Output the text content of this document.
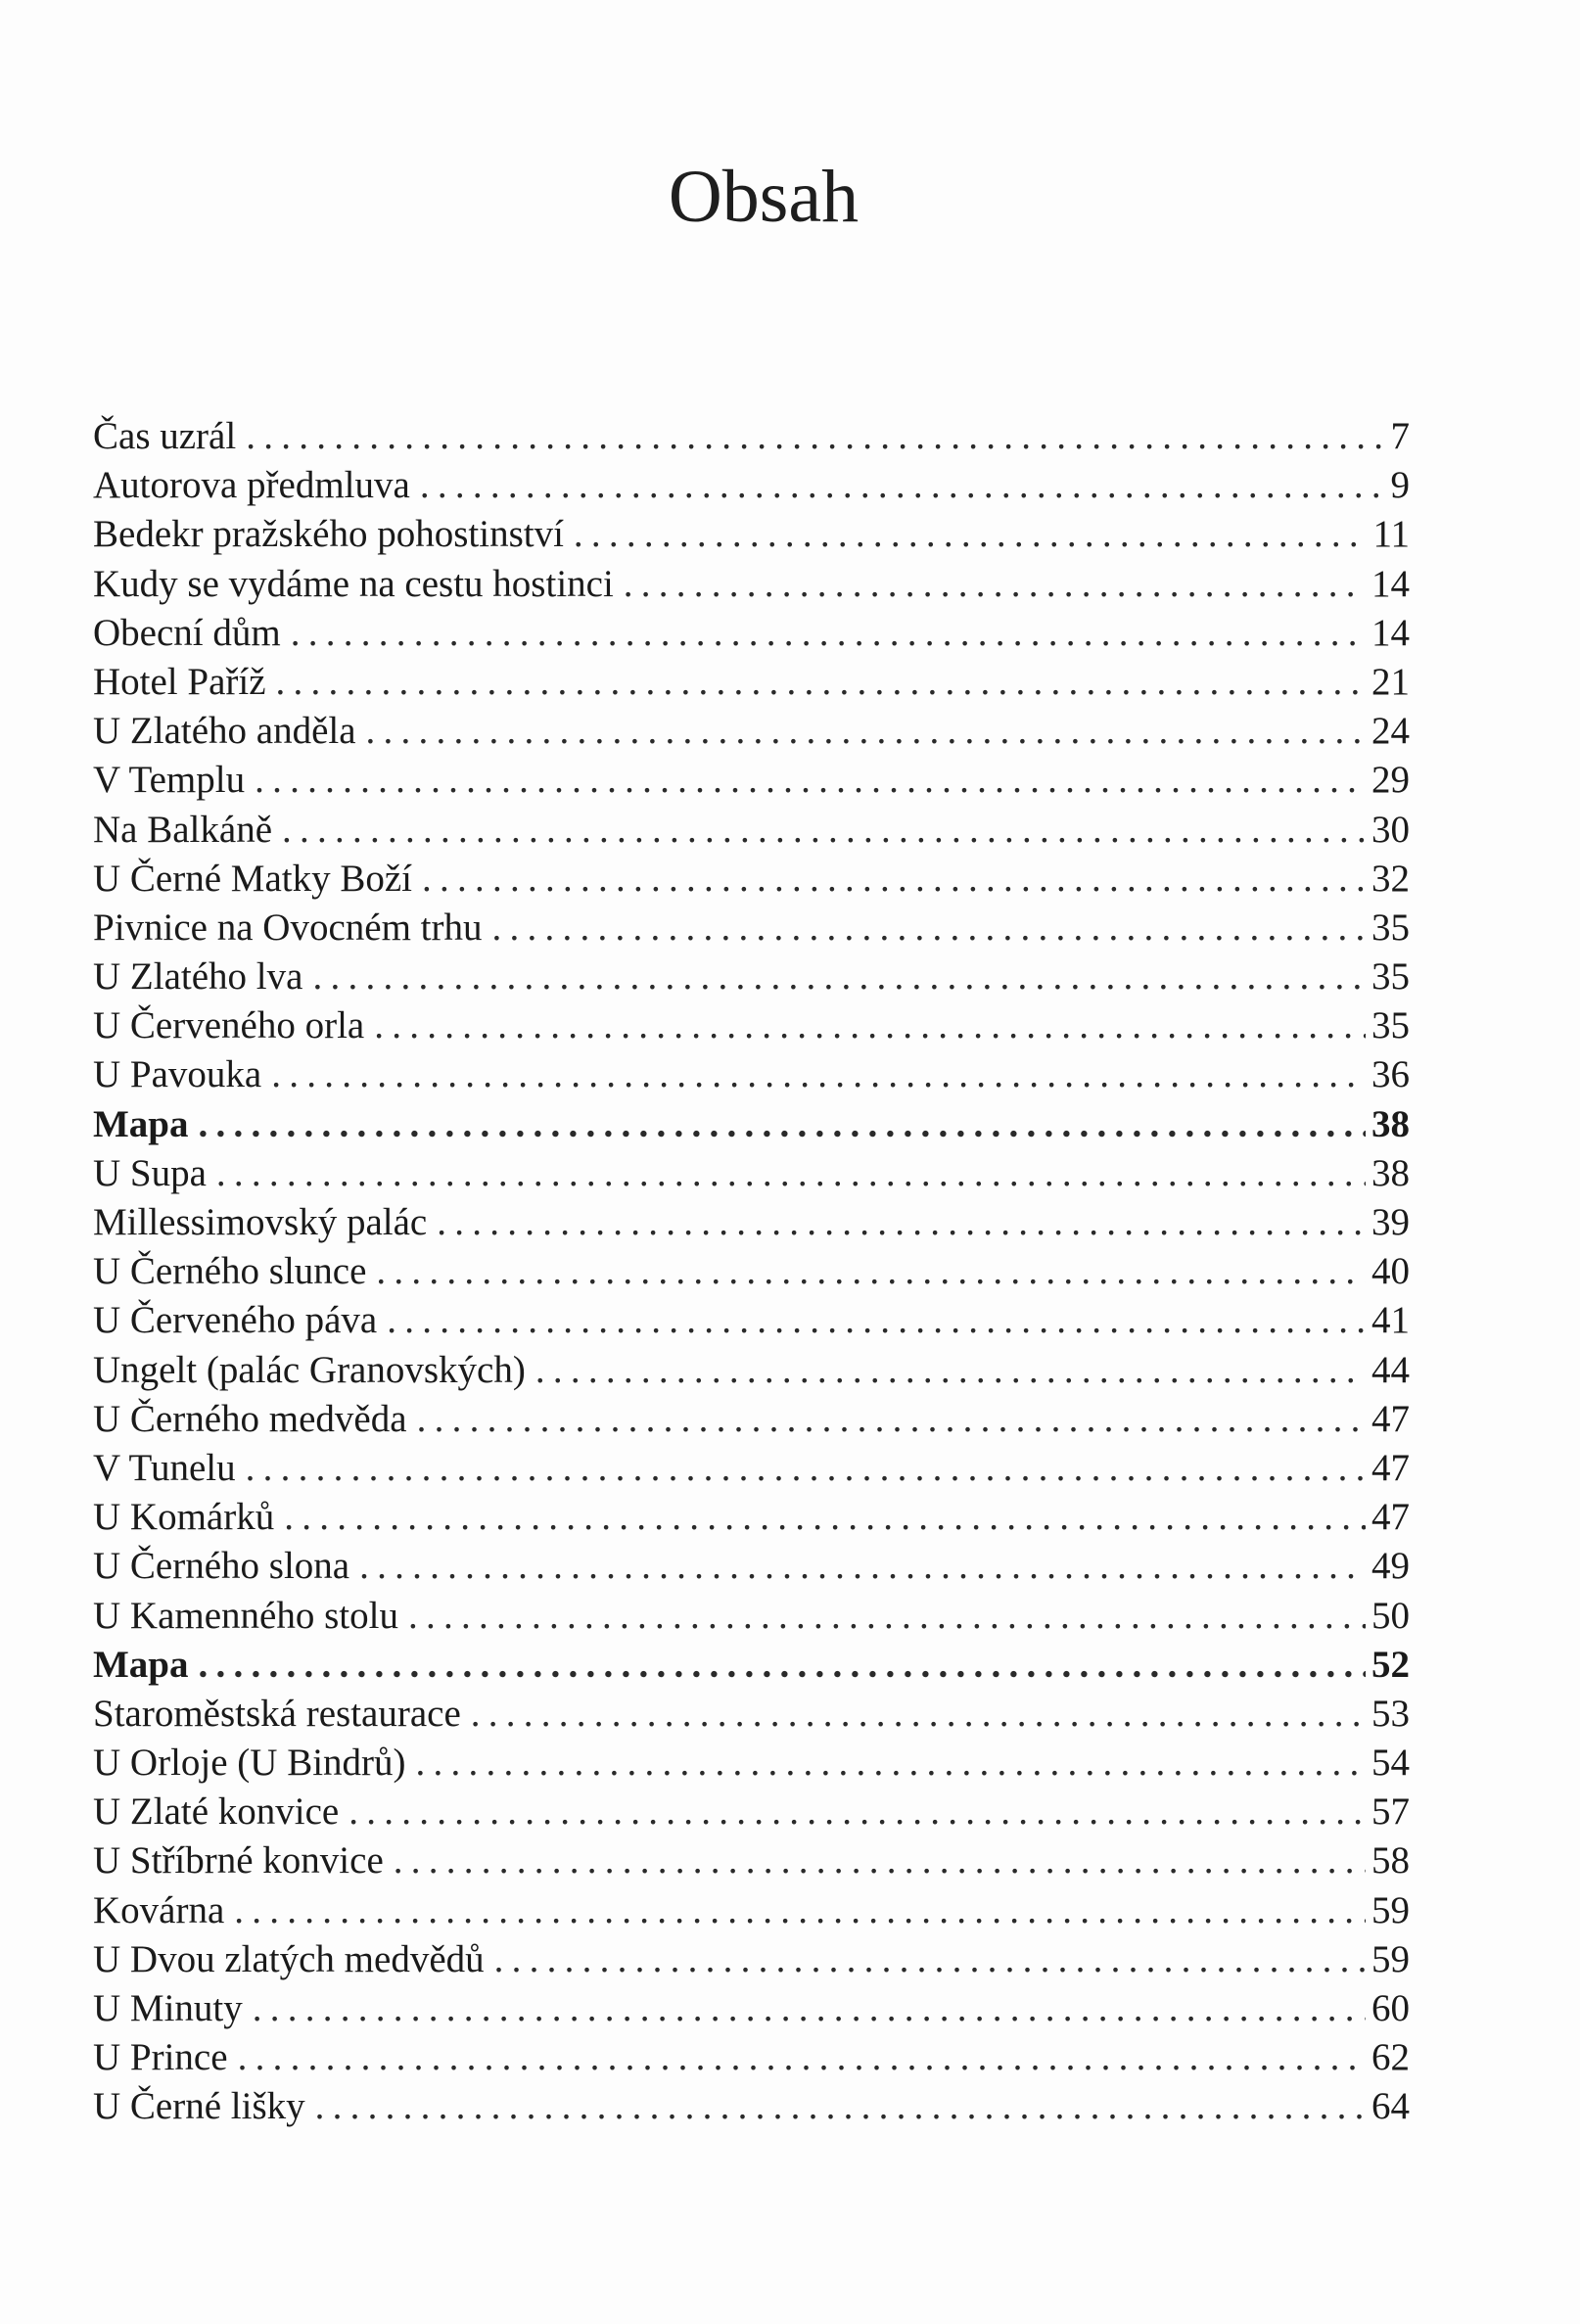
Obsah
Čas uzrál . . .	7
Autorova předmluva . . .	9
Bedekr pražského pohostinství . . .	11
Kudy se vydáme na cestu hostinci . . .	14
Obecní dům . . .	14
Hotel Paříž . . .	21
U Zlatého anděla . . .	24
V Templu . . .	29
Na Balkáně . . .	30
U Černé Matky Boží . . .	32
Pivnice na Ovocném trhu . . .	35
U Zlatého lva . . .	35
U Červeného orla . . .	35
U Pavouka . . .	36
Mapa . . .	38
U Supa . . .	38
Millessimovský palác . . .	39
U Černého slunce . . .	40
U Červeného páva . . .	41
Ungelt (palác Granovských) . . .	44
U Černého medvěda . . .	47
V Tunelu . . .	47
U Komárků . . .	47
U Černého slona . . .	49
U Kamenného stolu . . .	50
Mapa . . .	52
Staroměstská restaurace . . .	53
U Orloje (U Bindrů) . . .	54
U Zlaté konvice . . .	57
U Stříbrné konvice . . .	58
Kovárna . . .	59
U Dvou zlatých medvědů . . .	59
U Minuty . . .	60
U Prince . . .	62
U Černé lišky . . .	64
